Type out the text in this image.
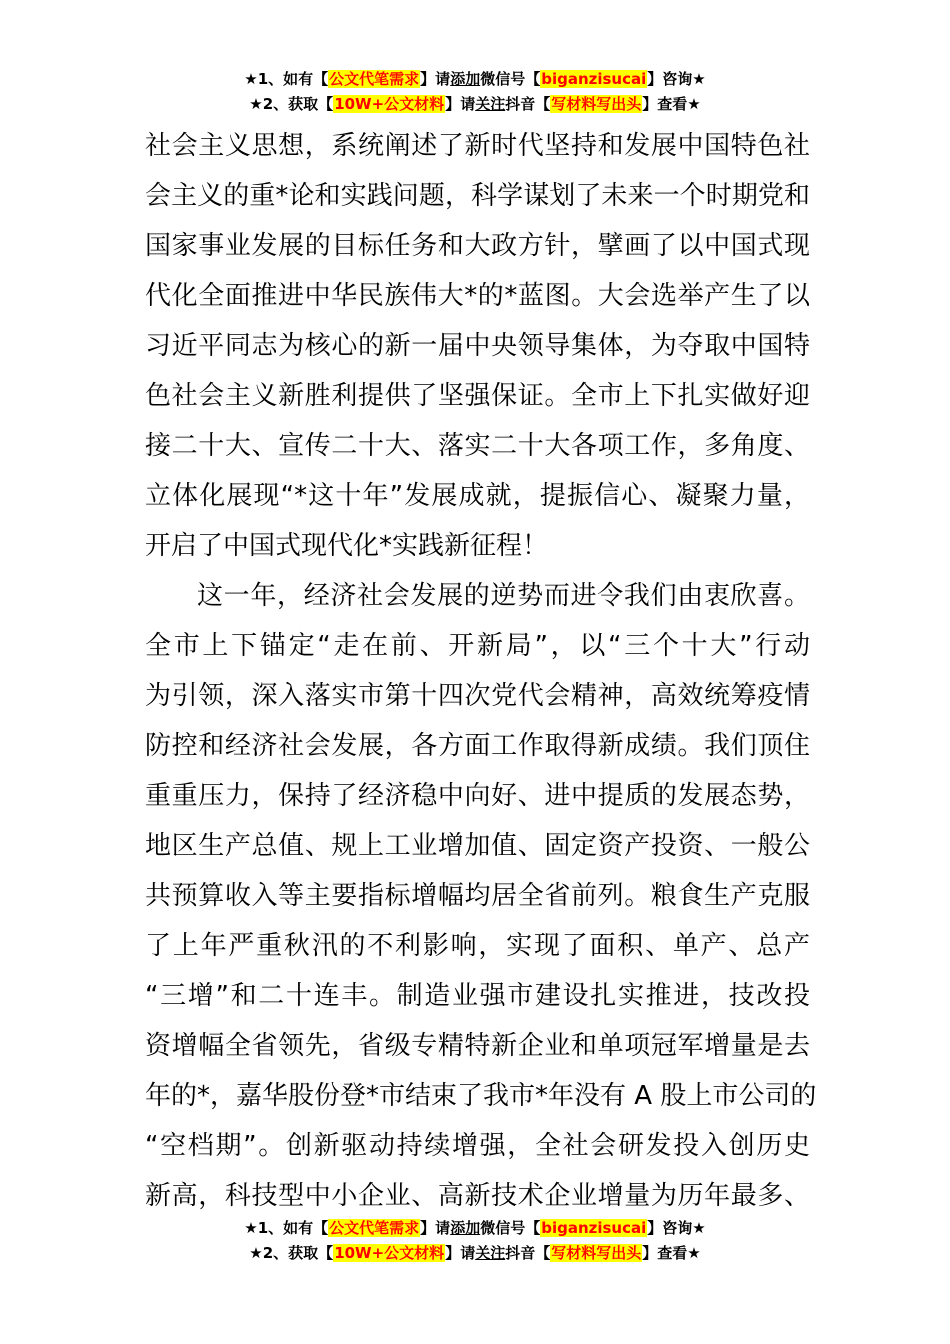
★1、如有【公文代笔需求】请添加微信号【biganzisucai】咨询★
★2、获取【10W+公文材料】请关注抖音【写材料写出头】查看★
社会主义思想，系统阐述了新时代坚持和发展中国特色社
会主义的重*论和实践问题，科学谋划了未来一个时期党和
国家事业发展的目标任务和大政方针，擘画了以中国式现
代化全面推进中华民族伟大*的*蓝图。大会选举产生了以
习近平同志为核心的新一届中央领导集体，为夺取中国特
色社会主义新胜利提供了坚强保证。全市上下扎实做好迎
接二十大、宣传二十大、落实二十大各项工作，多角度、
立体化展现“*这十年”发展成就，提振信心、凝聚力量，
开启了中国式现代化*实践新征程！
这一年，经济社会发展的逆势而进令我们由衷欣喜。
全市上下锚定“走在前、开新局”，以“三个十大”行动
为引领，深入落实市第十四次党代会精神，高效统筹疫情
防控和经济社会发展，各方面工作取得新成绩。我们顶住
重重压力，保持了经济稳中向好、进中提质的发展态势，
地区生产总值、规上工业增加值、固定资产投资、一般公
共预算收入等主要指标增幅均居全省前列。粮食生产克服
了上年严重秋汛的不利影响，实现了面积、单产、总产
“三增”和二十连丰。制造业强市建设扎实推进，技改投
资增幅全省领先，省级专精特新企业和单项冠军增量是去
年的*，嘉华股份登*市结束了我市*年没有 A 股上市公司的
“空档期”。创新驱动持续增强，全社会研发投入创历史
新高，科技型中小企业、高新技术企业增量为历年最多、
★1、如有【公文代笔需求】请添加微信号【biganzisucai】咨询★
★2、获取【10W+公文材料】请关注抖音【写材料写出头】查看★
